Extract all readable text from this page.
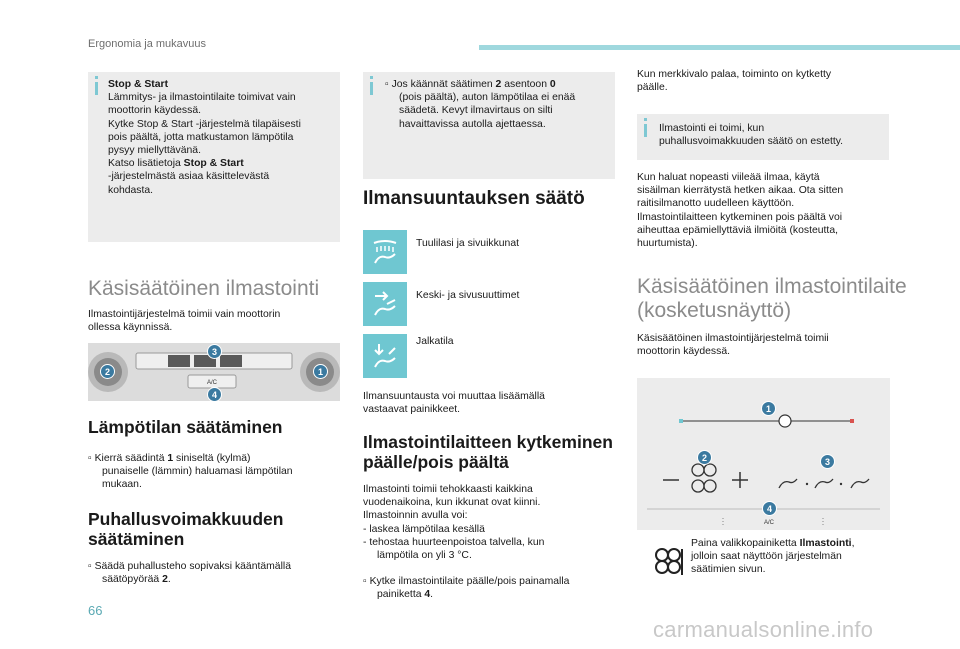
Ergonomia ja mukavuus
Stop & Start
Lämmitys- ja ilmastointilaite toimivat vain
moottorin käydessä.
Kytke Stop & Start -järjestelmä tilapäisesti
pois päältä, jotta matkustamon lämpötila
pysyy miellyttävänä.
Katso lisätietoja Stop & Start
-järjestelmästä asiaa käsittelevästä
kohdasta.
Käsisäätöinen ilmastointi
Ilmastointijärjestelmä toimii vain moottorin
ollessa käynnissä.
A/C
2	1
3
4
Lämpötilan säätäminen
▫ Kierrä säädintä 1 siniseltä (kylmä)
punaiselle (lämmin) haluamasi lämpötilan
mukaan.
Puhallusvoimakkuuden
säätäminen
▫ Säädä puhallusteho sopivaksi kääntämällä
säätöpyörää 2.
▫ Jos käännät säätimen 2 asentoon 0
(pois päältä), auton lämpötilaa ei enää
säädetä. Kevyt ilmavirtaus on silti
havaittavissa autolla ajettaessa.
Ilmansuuntauksen säätö
Tuulilasi ja sivuikkunat
Keski- ja sivusuuttimet
Jalkatila
Ilmansuuntausta voi muuttaa lisäämällä
vastaavat painikkeet.
Ilmastointilaitteen kytkeminen
päälle/pois päältä
Ilmastointi toimii tehokkaasti kaikkina
vuodenaikoina, kun ikkunat ovat kiinni.
Ilmastoinnin avulla voi:
- laskea lämpötilaa kesällä
- tehostaa huurteenpoistoa talvella, kun
lämpötila on yli 3 °C.
▫ Kytke ilmastointilaite päälle/pois painamalla
painiketta 4.
Kun merkkivalo palaa, toiminto on kytketty
päälle.
Ilmastointi ei toimi, kun
puhallusvoimakkuuden säätö on estetty.
Kun haluat nopeasti viileää ilmaa, käytä
sisäilman kierrätystä hetken aikaa. Ota sitten
raitisilmanotto uudelleen käyttöön.
Ilmastointilaitteen kytkeminen pois päältä voi
aiheuttaa epämiellyttäviä ilmiöitä (kosteutta,
huurtumista).
Käsisäätöinen ilmastointilaite
(kosketusnäyttö)
Käsisäätöinen ilmastointijärjestelmä toimii
moottorin käydessä.
A/C
1
2	3
4
Paina valikkopainiketta Ilmastointi,
jolloin saat näyttöön järjestelmän
säätimien sivun.
66
carmanualsonline.info
